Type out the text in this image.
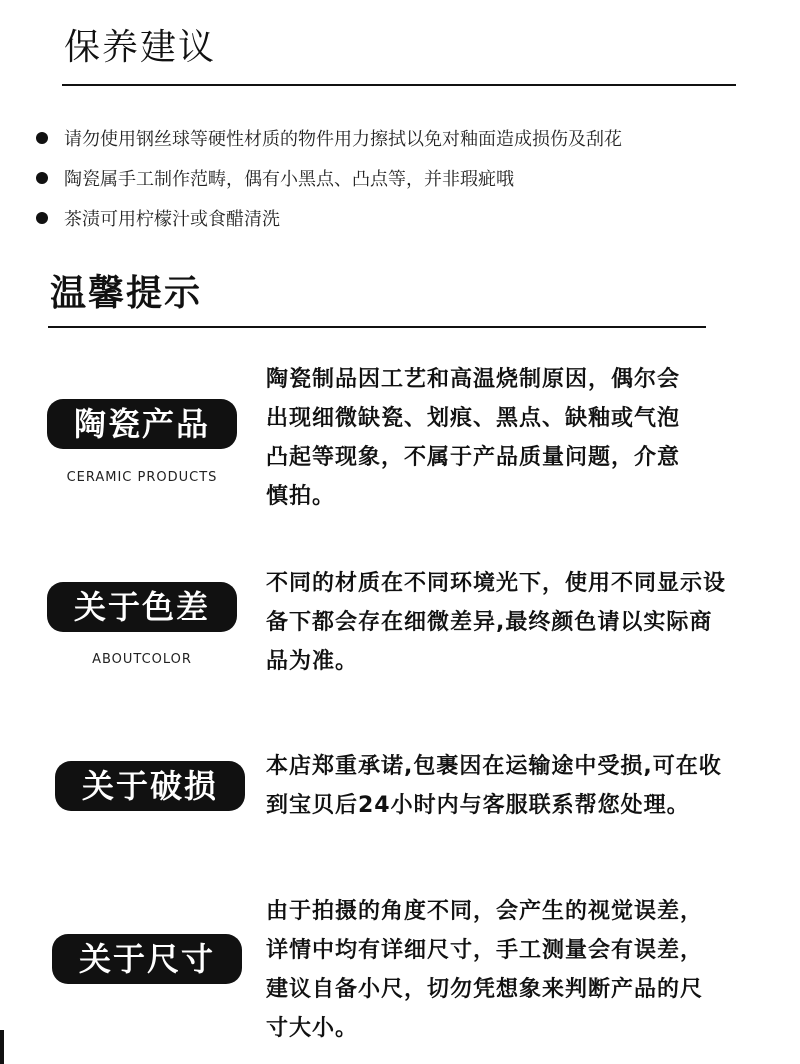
保养建议
请勿使用钢丝球等硬性材质的物件用力擦拭以免对釉面造成损伤及刮花
陶瓷属手工制作范畴，偶有小黑点、凸点等，并非瑕疵哦
茶渍可用柠檬汁或食醋清洗
温馨提示
陶瓷产品
CERAMIC PRODUCTS

陶瓷制品因工艺和高温烧制原因，偶尔会出现细微缺瓷、划痕、黑点、缺釉或气泡凸起等现象，不属于产品质量问题，介意慎拍。

关于色差
ABOUTCOLOR

不同的材质在不同环境光下，使用不同显示设备下都会存在细微差异,最终颜色请以实际商品为准。

关于破损

本店郑重承诺,包裹因在运输途中受损,可在收到宝贝后24小时内与客服联系帮您处理。

关于尺寸

由于拍摄的角度不同，会产生的视觉误差，详情中均有详细尺寸，手工测量会有误差，建议自备小尺，切勿凭想象来判断产品的尺寸大小。
